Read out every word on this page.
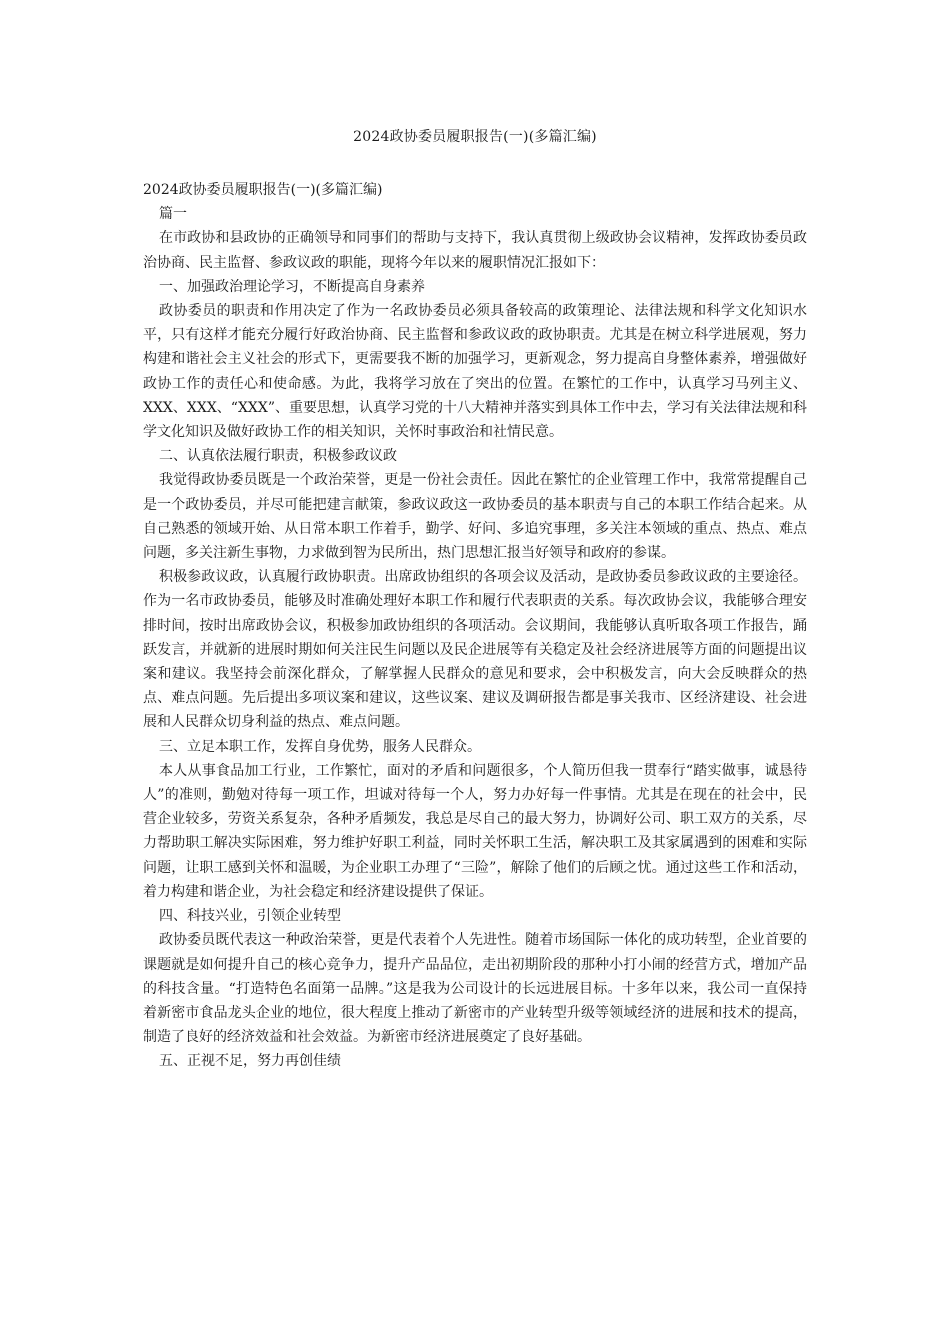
2024政协委员履职报告(一)(多篇汇编)

2024政协委员履职报告(一)(多篇汇编)

篇一

在市政协和县政协的正确领导和同事们的帮助与支持下，我认真贯彻上级政协会议精神，发挥政协委员政治协商、民主监督、参政议政的职能，现将今年以来的履职情况汇报如下：

一、加强政治理论学习，不断提高自身素养

政协委员的职责和作用决定了作为一名政协委员必须具备较高的政策理论、法律法规和科学文化知识水平，只有这样才能充分履行好政治协商、民主监督和参政议政的政协职责。尤其是在树立科学进展观，努力构建和谐社会主义社会的形式下，更需要我不断的加强学习，更新观念，努力提高自身整体素养，增强做好政协工作的责任心和使命感。为此，我将学习放在了突出的位置。在繁忙的工作中，认真学习马列主义、XXX、XXX、“XXX”、重要思想，认真学习党的十八大精神并落实到具体工作中去，学习有关法律法规和科学文化知识及做好政协工作的相关知识，关怀时事政治和社情民意。

二、认真依法履行职责，积极参政议政

我觉得政协委员既是一个政治荣誉，更是一份社会责任。因此在繁忙的企业管理工作中，我常常提醒自己是一个政协委员，并尽可能把建言献策，参政议政这一政协委员的基本职责与自己的本职工作结合起来。从自己熟悉的领域开始、从日常本职工作着手，勤学、好问、多追究事理，多关注本领域的重点、热点、难点问题，多关注新生事物，力求做到智为民所出，热门思想汇报当好领导和政府的参谋。

积极参政议政，认真履行政协职责。出席政协组织的各项会议及活动，是政协委员参政议政的主要途径。作为一名市政协委员，能够及时准确处理好本职工作和履行代表职责的关系。每次政协会议，我能够合理安排时间，按时出席政协会议，积极参加政协组织的各项活动。会议期间，我能够认真听取各项工作报告，踊跃发言，并就新的进展时期如何关注民生问题以及民企进展等有关稳定及社会经济进展等方面的问题提出议案和建议。我坚持会前深化群众，了解掌握人民群众的意见和要求，会中积极发言，向大会反映群众的热点、难点问题。先后提出多项议案和建议，这些议案、建议及调研报告都是事关我市、区经济建设、社会进展和人民群众切身利益的热点、难点问题。

三、立足本职工作，发挥自身优势，服务人民群众。

本人从事食品加工行业，工作繁忙，面对的矛盾和问题很多，个人简历但我一贯奉行“踏实做事，诚恳待人”的准则，勤勉对待每一项工作，坦诚对待每一个人，努力办好每一件事情。尤其是在现在的社会中，民营企业较多，劳资关系复杂，各种矛盾频发，我总是尽自己的最大努力，协调好公司、职工双方的关系，尽力帮助职工解决实际困难，努力维护好职工利益，同时关怀职工生活，解决职工及其家属遇到的困难和实际问题，让职工感到关怀和温暖，为企业职工办理了“三险”，解除了他们的后顾之忧。通过这些工作和活动，着力构建和谐企业，为社会稳定和经济建设提供了保证。

四、科技兴业，引领企业转型

政协委员既代表这一种政治荣誉，更是代表着个人先进性。随着市场国际一体化的成功转型，企业首要的课题就是如何提升自己的核心竞争力，提升产品品位，走出初期阶段的那种小打小闹的经营方式，增加产品的科技含量。“打造特色名面第一品牌。”这是我为公司设计的长远进展目标。十多年以来，我公司一直保持着新密市食品龙头企业的地位，很大程度上推动了新密市的产业转型升级等领域经济的进展和技术的提高，制造了良好的经济效益和社会效益。为新密市经济进展奠定了良好基础。

五、正视不足，努力再创佳绩
